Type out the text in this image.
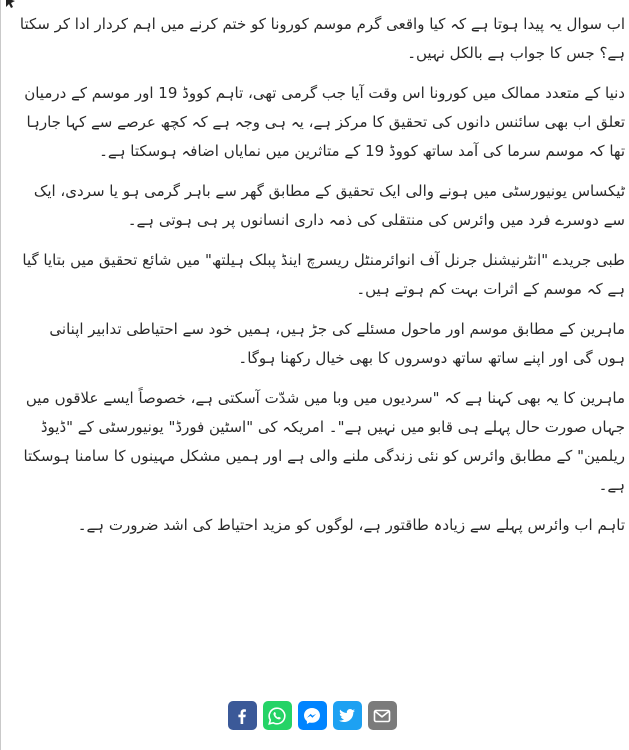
اب سوال یہ پیدا ہوتا ہے کہ کیا واقعی گرم موسم کورونا کو ختم کرنے میں اہم کردار ادا کر سکتا ہے؟ جس کا جواب ہے بالکل نہیں۔

دنیا کے متعدد ممالک میں کورونا اس وقت آیا جب گرمی تھی، تاہم کووڈ 19 اور موسم کے درمیان تعلق اب بھی سائنس دانوں کی تحقیق کا مرکز ہے، یہ ہی وجہ ہے کہ کچھ عرصے سے کہا جارہا تھا کہ موسم سرما کی آمد ساتھ کووڈ 19 کے متاثرین میں نمایاں اضافہ ہوسکتا ہے۔

ٹیکساس یونیورسٹی میں ہونے والی ایک تحقیق کے مطابق گھر سے باہر گرمی ہو یا سردی، ایک سے دوسرے فرد میں وائرس کی منتقلی کی ذمہ داری انسانوں پر ہی ہوتی ہے۔

طبی جریدے "انٹرنیشنل جرنل آف انوائرمنٹل ریسرچ اینڈ پبلک ہیلتھ" میں شائع تحقیق میں بتایا گیا ہے کہ موسم کے اثرات بہت کم ہوتے ہیں۔

ماہرین کے مطابق موسم اور ماحول مسئلے کی جڑ ہیں، ہمیں خود سے احتیاطی تدابیر اپنانی ہوں گی اور اپنے ساتھ ساتھ دوسروں کا بھی خیال رکھنا ہوگا۔

ماہرین کا یہ بھی کہنا ہے کہ "سردیوں میں وبا میں شدّت آسکتی ہے، خصوصاً ایسے علاقوں میں جہاں صورت حال پہلے ہی قابو میں نہیں ہے"۔ امریکہ کی "اسٹین فورڈ" یونیورسٹی کے "ڈیوڈ ریلمین" کے مطابق وائرس کو نئی زندگی ملنے والی ہے اور ہمیں مشکل مہینوں کا سامنا ہوسکتا ہے۔

تاہم اب وائرس پہلے سے زیادہ طاقتور ہے، لوگوں کو مزید احتیاط کی اشد ضرورت ہے۔
